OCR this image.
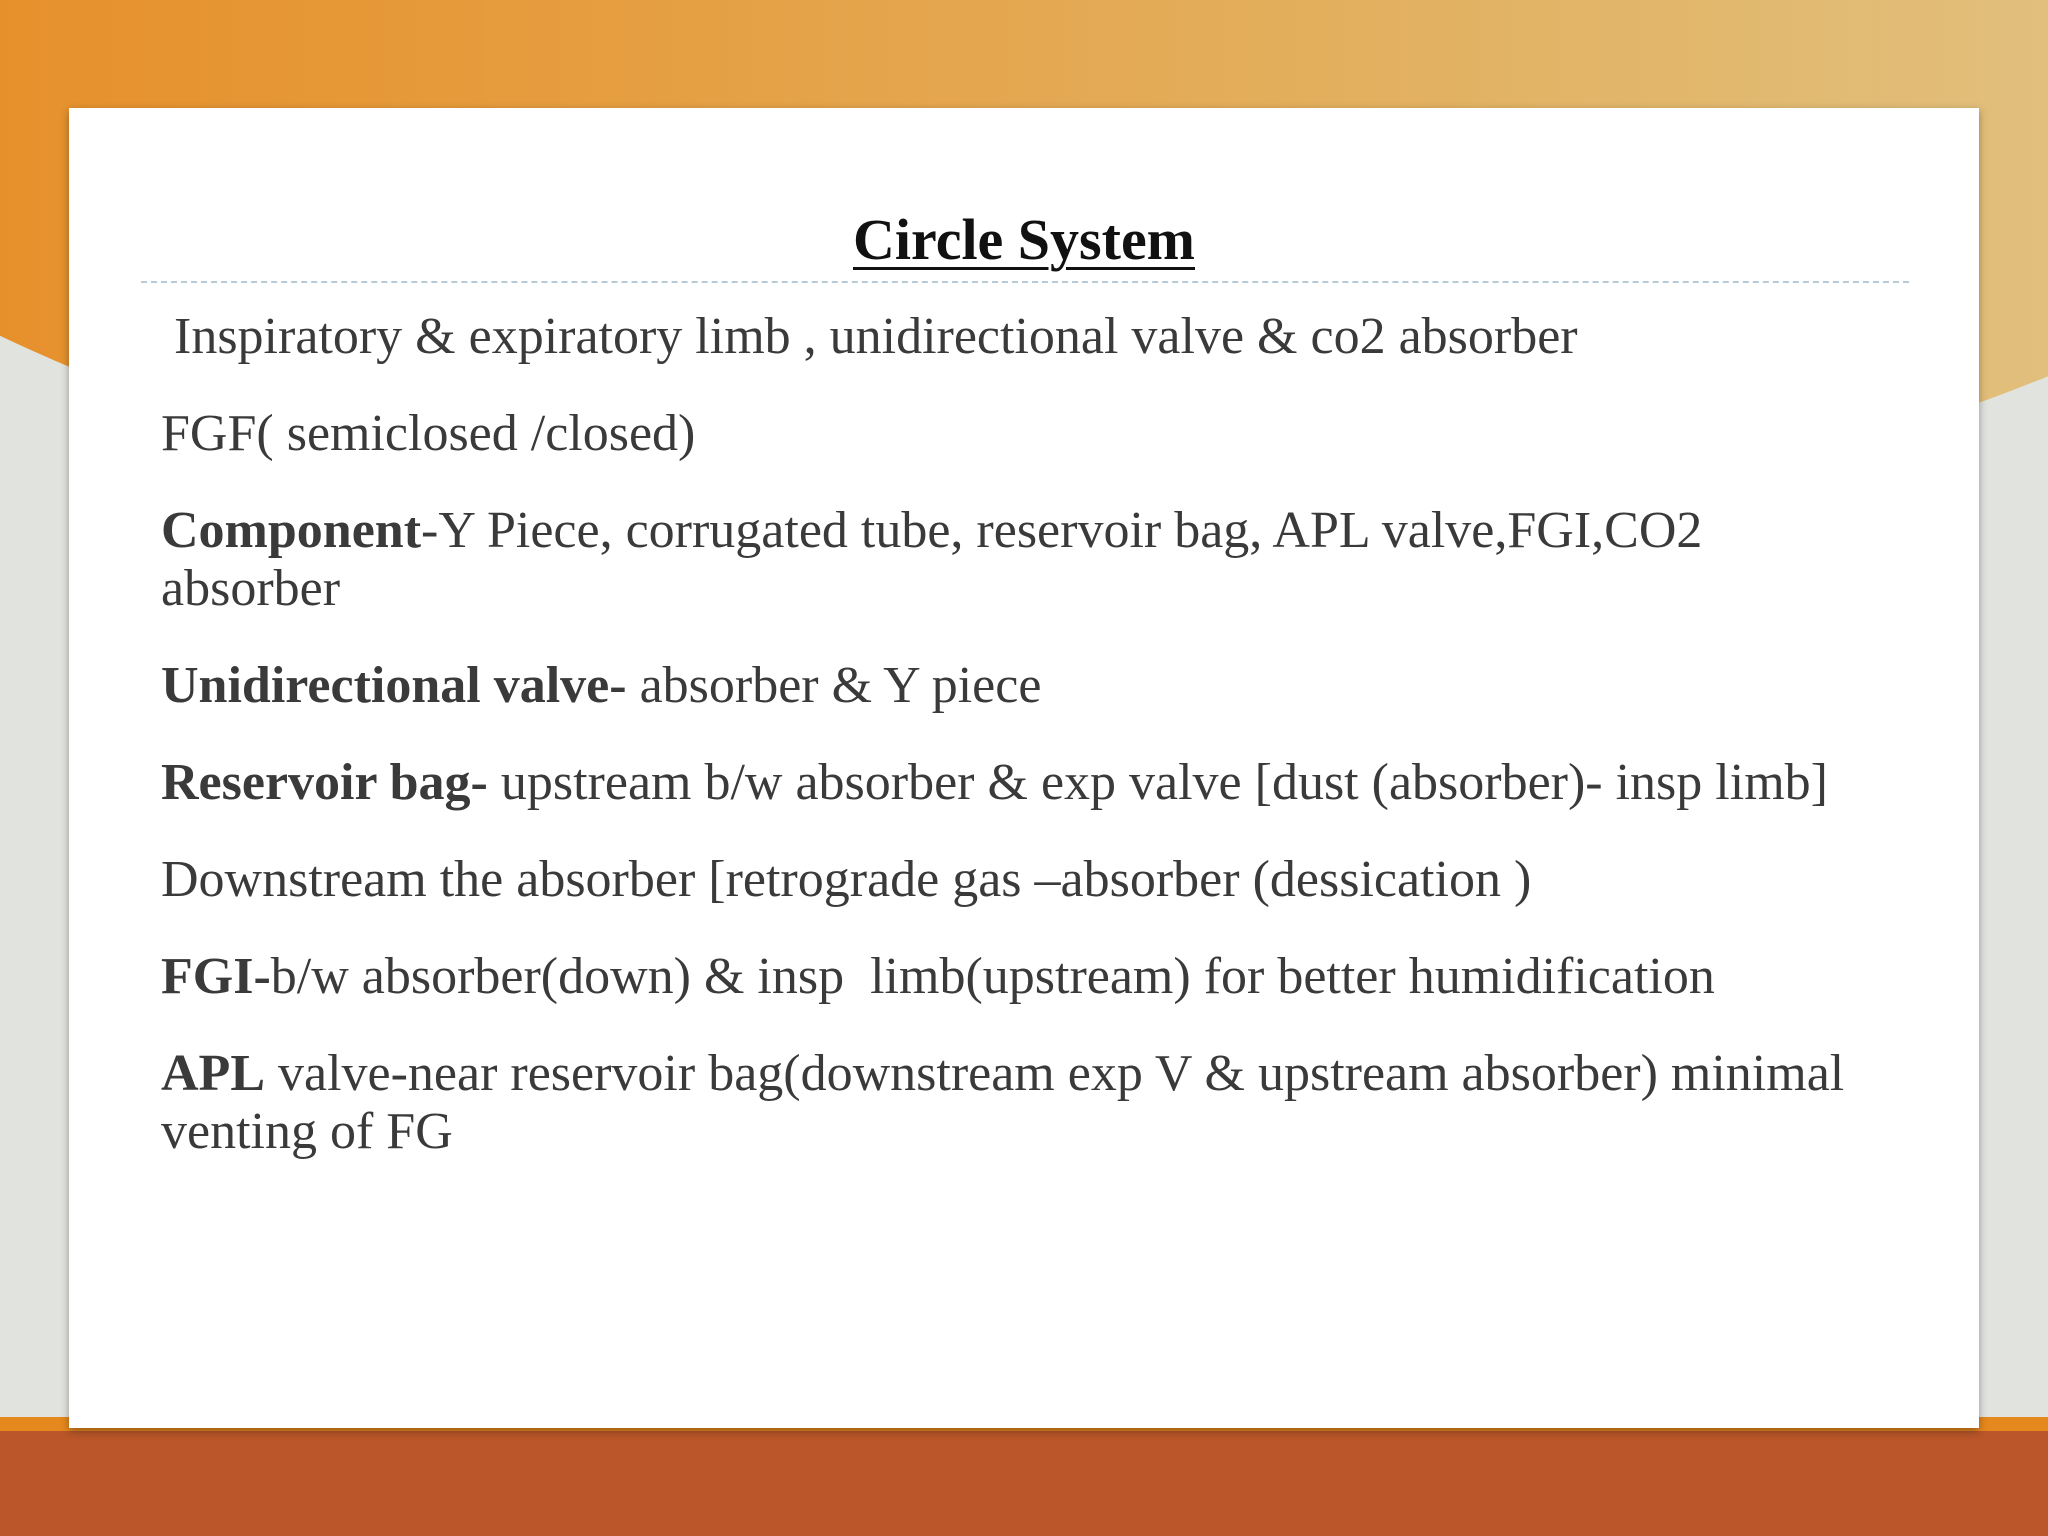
Circle System

Inspiratory & expiratory limb , unidirectional valve & co2 absorber

FGF( semiclosed /closed)

Component-Y Piece, corrugated tube, reservoir bag, APL valve,FGI,CO2 absorber

Unidirectional valve- absorber & Y piece

Reservoir bag- upstream b/w absorber & exp valve [dust (absorber)- insp limb]

Downstream the absorber [retrograde gas –absorber (dessication )

FGI-b/w absorber(down) & insp  limb(upstream) for better humidification

APL valve-near reservoir bag(downstream exp V & upstream absorber) minimal venting of FG
